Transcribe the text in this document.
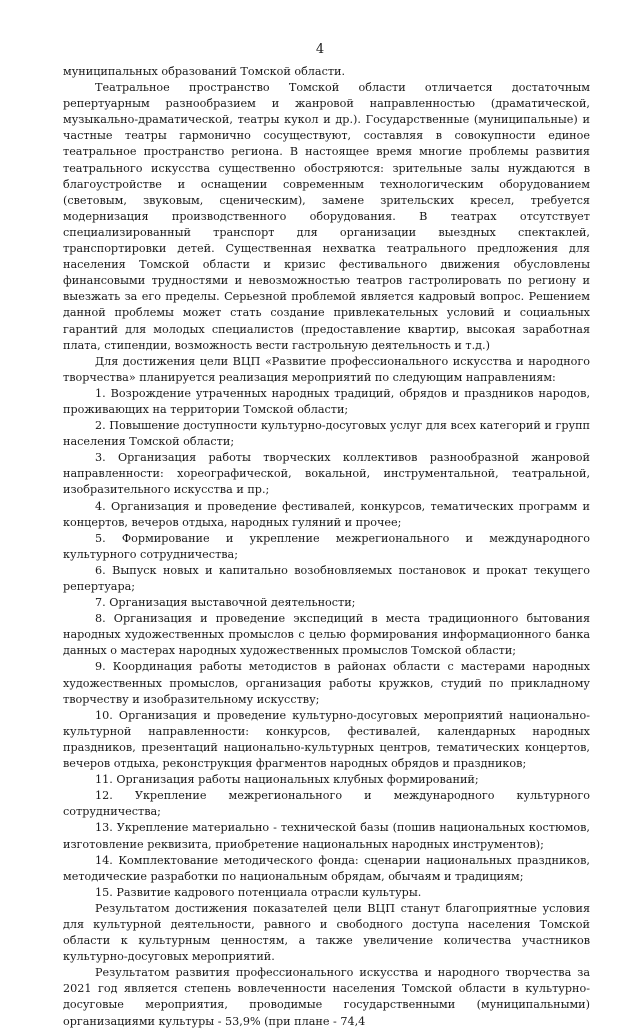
4

муниципальных образований Томской области.

Театральное пространство Томской области отличается достаточным репертуарным разнообразием и жанровой направленностью (драматической, музыкально-драматической, театры кукол и др.). Государственные (муниципальные) и частные театры гармонично сосуществуют, составляя в совокупности единое театральное пространство региона. В настоящее время многие проблемы развития театрального искусства существенно обостряются: зрительные залы нуждаются в благоустройстве и оснащении современным технологическим оборудованием (световым, звуковым, сценическим), замене зрительских кресел, требуется модернизация производственного оборудования. В театрах отсутствует специализированный транспорт для организации выездных спектаклей, транспортировки детей. Существенная нехватка театрального предложения для населения Томской области и кризис фестивального движения обусловлены финансовыми трудностями и невозможностью театров гастролировать по региону и выезжать за его пределы. Серьезной проблемой является кадровый вопрос. Решением данной проблемы может стать создание привлекательных условий и социальных гарантий для молодых специалистов (предоставление квартир, высокая заработная плата, стипендии, возможность вести гастрольную деятельность и т.д.)

Для достижения цели ВЦП «Развитие профессионального искусства и народного творчества» планируется реализация мероприятий по следующим направлениям:

1. Возрождение утраченных народных традиций, обрядов и праздников народов, проживающих на территории Томской области;

2. Повышение доступности культурно-досуговых услуг для всех категорий и групп населения Томской области;

3. Организация работы творческих коллективов разнообразной жанровой направленности: хореографической, вокальной, инструментальной, театральной, изобразительного искусства и пр.;

4. Организация и проведение фестивалей, конкурсов, тематических программ и концертов, вечеров отдыха, народных гуляний и прочее;

5. Формирование и укрепление межрегионального и международного культурного сотрудничества;

6. Выпуск новых и капитально возобновляемых постановок и прокат текущего репертуара;

7. Организация выставочной деятельности;

8. Организация и проведение экспедиций в места традиционного бытования народных художественных промыслов с целью формирования информационного банка данных о мастерах народных художественных промыслов Томской области;

9. Координация работы методистов в районах области с мастерами народных художественных промыслов, организация работы кружков, студий по прикладному творчеству и изобразительному искусству;

10. Организация и проведение культурно-досуговых мероприятий национально-культурной направленности: конкурсов, фестивалей, календарных народных праздников, презентаций национально-культурных центров, тематических концертов, вечеров отдыха, реконструкция фрагментов народных обрядов и праздников;

11. Организация работы национальных клубных формирований;

12. Укрепление межрегионального и международного культурного сотрудничества;

13. Укрепление материально - технической базы (пошив национальных костюмов, изготовление реквизита, приобретение национальных народных инструментов);

14. Комплектование методического фонда: сценарии национальных праздников, методические разработки по национальным обрядам, обычаям и традициям;

15. Развитие кадрового потенциала отрасли культуры.

Результатом достижения показателей цели ВЦП станут благоприятные условия для культурной деятельности, равного и свободного доступа населения Томской области к культурным ценностям, а также увеличение количества участников культурно-досуговых мероприятий.

Результатом развития профессионального искусства и народного творчества за 2021 год является степень вовлеченности населения Томской области в культурно-досуговые мероприятия, проводимые государственными (муниципальными) организациями культуры - 53,9% (при плане - 74,4
